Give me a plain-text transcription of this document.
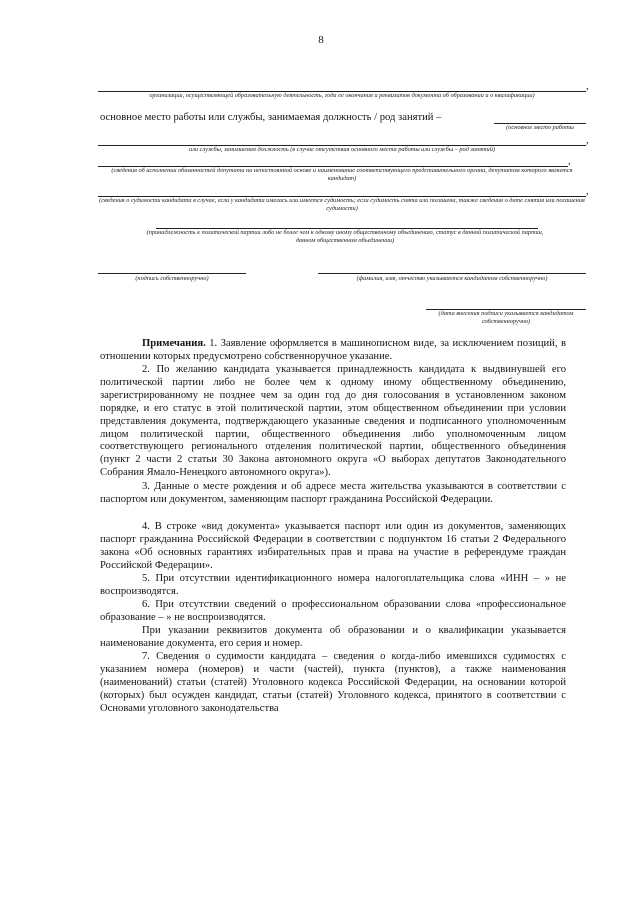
8
,
организации, осуществляющей образовательную деятельность, года ее окончания и реквизитов документа об образовании и о квалификации)
основное место работы или службы, занимаемая должность / род занятий –
(основное место работы
,
или службы, занимаемая должность (в случае отсутствия основного места работы или службы – род занятий)
,
(сведения об исполнении обязанностей депутата на непостоянной основе и наименование соответствующего представительного органа, депутатом которого является кандидат)
,
(сведения о судимости кандидата в случае, если у кандидата имелась или имеется судимость; если судимость снята или погашена, также сведения о дате снятия или погашения судимости)
(принадлежность к политической партии либо не более чем к одному иному общественному объединению, статус в данной политической партии, данном общественном объединении)
(подпись собственноручно)	(фамилия, имя, отчество указываются кандидатом собственноручно)
(дата внесения подписи указывается кандидатом собственноручно)

Примечания. 1. Заявление оформляется в машинописном виде, за исключением позиций, в отношении которых предусмотрено собственноручное указание.

2. По желанию кандидата указывается принадлежность кандидата к выдвинувшей его политической партии либо не более чем к одному иному общественному объединению, зарегистрированному не позднее чем за один год до дня голосования в установленном законом порядке, и его статус в этой политической партии, этом общественном объединении при условии представления документа, подтверждающего указанные сведения и подписанного уполномоченным лицом политической партии, общественного объединения либо уполномоченным лицом соответствующего регионального отделения политической партии, общественного объединения (пункт 2 части 2 статьи 30 Закона автономного округа «О выборах депутатов Законодательного Собрания Ямало-Ненецкого автономного округа»).

3. Данные о месте рождения и об адресе места жительства указываются в соответствии с паспортом или документом, заменяющим паспорт гражданина Российской Федерации.

4. В строке «вид документа» указывается паспорт или один из документов, заменяющих паспорт гражданина Российской Федерации в соответствии с подпунктом 16 статьи 2 Федерального закона «Об основных гарантиях избирательных прав и права на участие в референдуме граждан Российской Федерации».

5. При отсутствии идентификационного номера налогоплательщика слова «ИНН – » не воспроизводятся.

6. При отсутствии сведений о профессиональном образовании слова «профессиональное образование – » не воспроизводятся.

При указании реквизитов документа об образовании и о квалификации указывается наименование документа, его серия и номер.

7. Сведения о судимости кандидата – сведения о когда-либо имевшихся судимостях с указанием номера (номеров) и части (частей), пункта (пунктов), а также наименования (наименований) статьи (статей) Уголовного кодекса Российской Федерации, на основании которой (которых) был осужден кандидат, статьи (статей) Уголовного кодекса, принятого в соответствии с Основами уголовного законодательства
